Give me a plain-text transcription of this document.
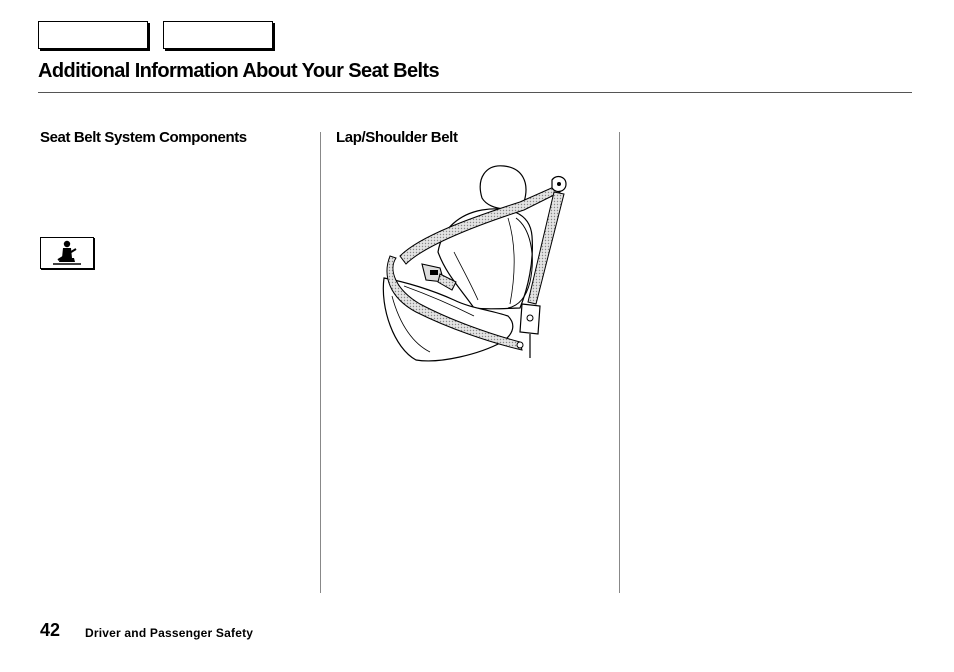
Additional Information About Your Seat Belts
Seat Belt System Components	Lap/Shoulder Belt
42 Driver and Passenger Safety
